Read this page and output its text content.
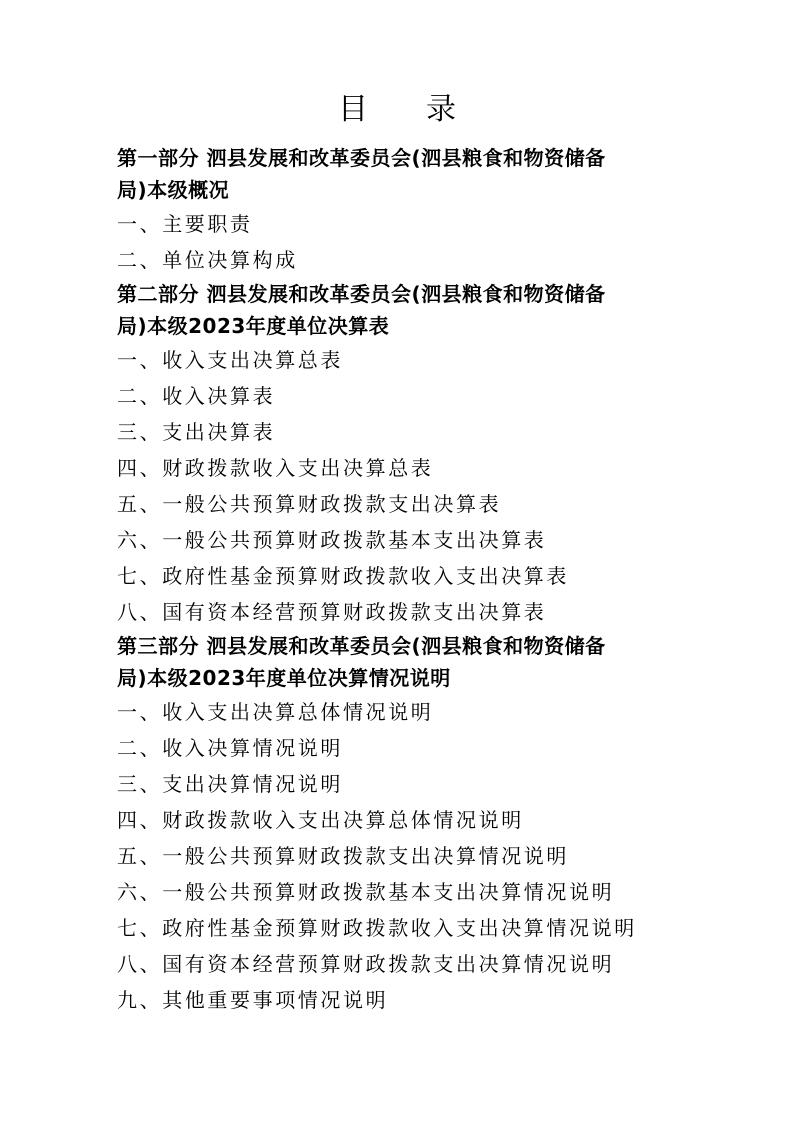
目 录

第一部分 泗县发展和改革委员会(泗县粮食和物资储备
局)本级概况

一、主要职责

二、单位决算构成

第二部分 泗县发展和改革委员会(泗县粮食和物资储备
局)本级2023年度单位决算表

一、收入支出决算总表

二、收入决算表

三、支出决算表

四、财政拨款收入支出决算总表

五、一般公共预算财政拨款支出决算表

六、一般公共预算财政拨款基本支出决算表

七、政府性基金预算财政拨款收入支出决算表

八、国有资本经营预算财政拨款支出决算表

第三部分 泗县发展和改革委员会(泗县粮食和物资储备
局)本级2023年度单位决算情况说明

一、收入支出决算总体情况说明

二、收入决算情况说明

三、支出决算情况说明

四、财政拨款收入支出决算总体情况说明

五、一般公共预算财政拨款支出决算情况说明

六、一般公共预算财政拨款基本支出决算情况说明

七、政府性基金预算财政拨款收入支出决算情况说明

八、国有资本经营预算财政拨款支出决算情况说明

九、其他重要事项情况说明
